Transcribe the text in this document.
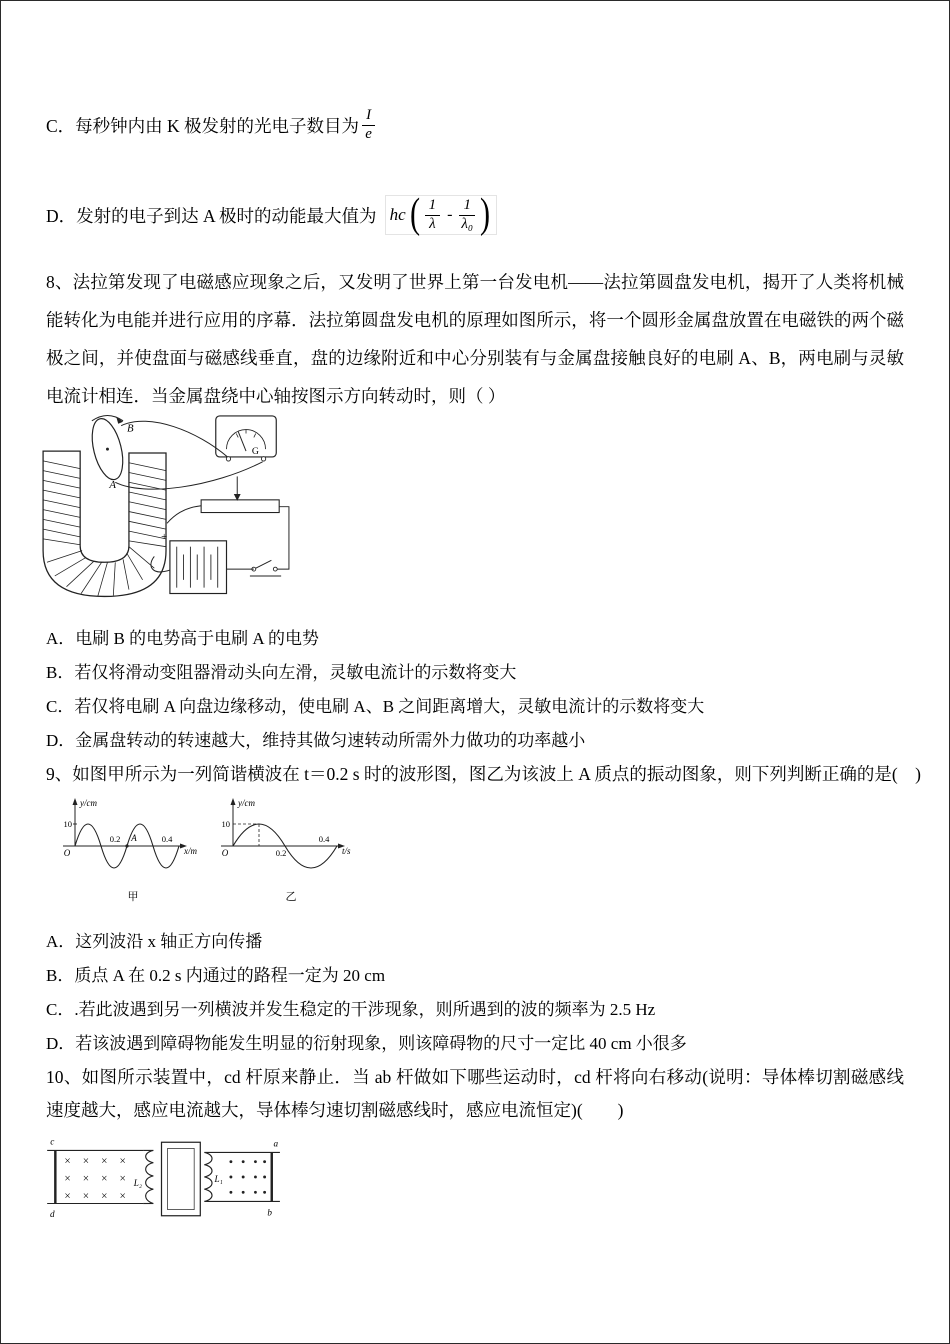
C．每秒钟内由 K 极发射的光电子数目为 $\frac{I}{e}$
D．发射的电子到达 A 极时的动能最大值为 hc ( $\frac{1}{\lambda} - \frac{1}{\text{λ₀}}$ )
8、法拉第发现了电磁感应现象之后，又发明了世界上第一台发电机——法拉第圆盘发电机，揭开了人类将机械能转化为电能并进行应用的序幕．法拉第圆盘发电机的原理如图所示，将一个圆形金属盘放置在电磁铁的两个磁极之间，并使盘面与磁感线垂直，盘的边缘附近和中心分别装有与金属盘接触良好的电刷 A、B，两电刷与灵敏电流计相连．当金属盘绕中心轴按图示方向转动时，则（ ）
B
A
G
+
A．电刷 B 的电势高于电刷 A 的电势
B．若仅将滑动变阻器滑动头向左滑，灵敏电流计的示数将变大
C．若仅将电刷 A 向盘边缘移动，使电刷 A、B 之间距离增大，灵敏电流计的示数将变大
D．金属盘转动的转速越大，维持其做匀速转动所需外力做功的功率越小
9、如图甲所示为一列简谐横波在 t＝0.2 s 时的波形图，图乙为该波上 A 质点的振动图象，则下列判断正确的是(　)
y/cm
10
O
0.2 A	0.4
x/m
甲
y/cm
10
O	0.2
0.4
t/s
乙
A．这列波沿 x 轴正方向传播
B．质点 A 在 0.2 s 内通过的路程一定为 20 cm
C．.若此波遇到另一列横波并发生稳定的干涉现象，则所遇到的波的频率为 2.5 Hz
D．若该波遇到障碍物能发生明显的衍射现象，则该障碍物的尺寸一定比 40 cm 小很多
10、如图所示装置中，cd 杆原来静止．当 ab 杆做如下哪些运动时，cd 杆将向右移动(说明：导体棒切割磁感线速度越大，感应电流越大，导体棒匀速切割磁感线时，感应电流恒定)(　　)
c
d
× × × ×
× × × ×
× × × ×
L₂	L₁
a
b
